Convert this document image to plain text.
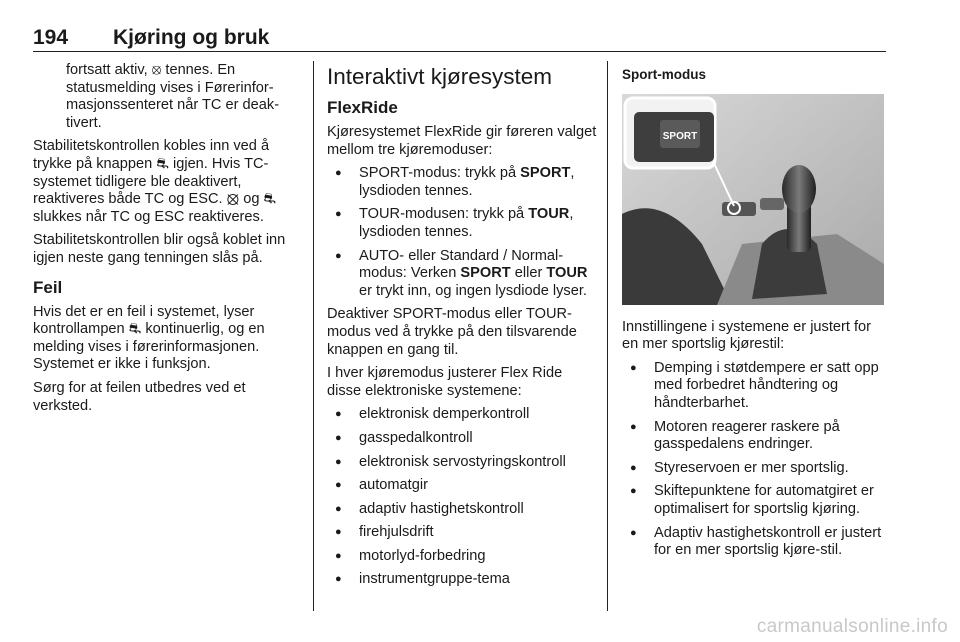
194 Kjøring og bruk

fortsatt aktiv, ⦻ tennes. En statusmelding vises i Førerinfor-masjonssenteret når TC er deak-tivert.

Stabilitetskontrollen kobles inn ved å trykke på knappen ⛐ igjen. Hvis TC-systemet tidligere ble deaktivert, reaktiveres både TC og ESC. ⦻ og ⛐ slukkes når TC og ESC reaktiveres.

Stabilitetskontrollen blir også koblet inn igjen neste gang tenningen slås på.

Feil

Hvis det er en feil i systemet, lyser kontrollampen ⛐ kontinuerlig, og en melding vises i førerinformasjonen. Systemet er ikke i funksjon.

Sørg for at feilen utbedres ved et verksted.

Interaktivt kjøresystem
FlexRide

Kjøresystemet FlexRide gir føreren valget mellom tre kjøremoduser:

● SPORT-modus: trykk på SPORT, lysdioden tennes.
● TOUR-modusen: trykk på TOUR, lysdioden tennes.
● AUTO- eller Standard / Normal-modus: Verken SPORT eller TOUR er trykt inn, og ingen lysdiode lyser.

Deaktiver SPORT-modus eller TOUR-modus ved å trykke på den tilsvarende knappen en gang til.

I hver kjøremodus justerer Flex Ride disse elektroniske systemene:

● elektronisk demperkontroll
● gasspedalkontroll
● elektronisk servostyringskontroll
● automatgir
● adaptiv hastighetskontroll
● firehjulsdrift
● motorlyd-forbedring
● instrumentgruppe-tema
Sport-modus
SPORT

Innstillingene i systemene er justert for en mer sportslig kjørestil:

● Demping i støtdempere er satt opp med forbedret håndtering og håndterbarhet.
● Motoren reagerer raskere på gasspedalens endringer.
● Styreservoen er mer sportslig.
● Skiftepunktene for automatgiret er optimalisert for sportslig kjøring.
● Adaptiv hastighetskontroll er justert for en mer sportslig kjøre-stil.
carmanualsonline.info
